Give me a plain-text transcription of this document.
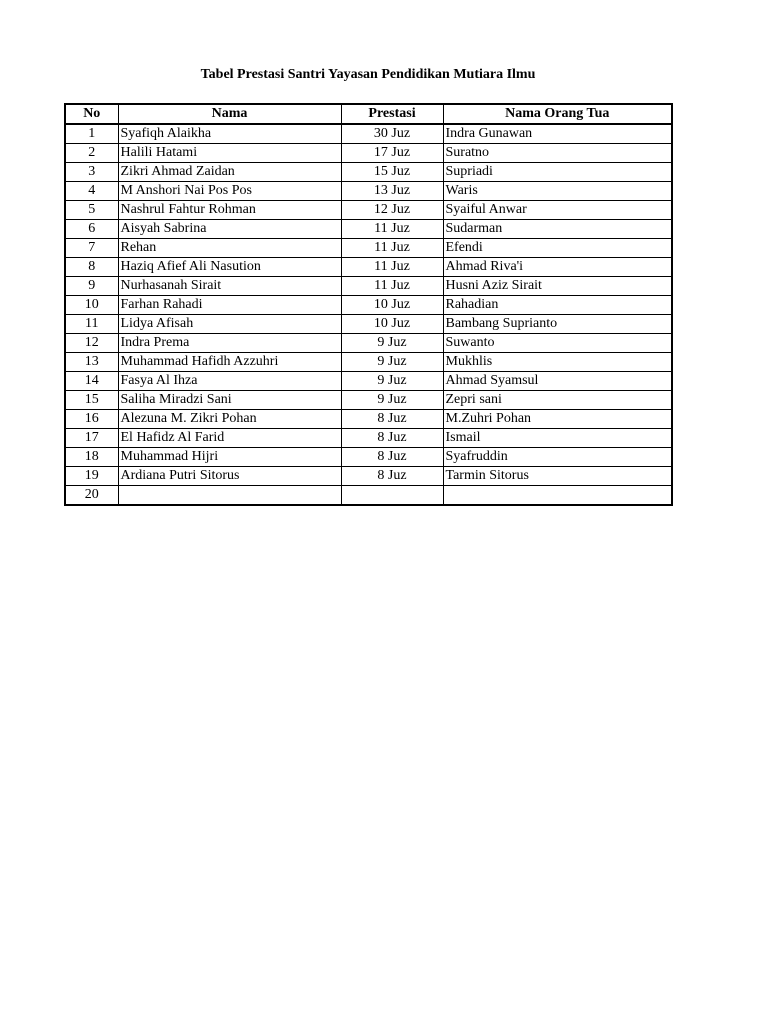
Tabel Prestasi Santri Yayasan Pendidikan Mutiara Ilmu
No	Nama	Prestasi	Nama Orang Tua
1	Syafiqh Alaikha	30 Juz	Indra Gunawan
2	Halili Hatami	17 Juz	Suratno
3	Zikri Ahmad Zaidan	15 Juz	Supriadi
4	M Anshori Nai Pos Pos	13 Juz	Waris
5	Nashrul Fahtur Rohman	12 Juz	Syaiful Anwar
6	Aisyah Sabrina	11 Juz	Sudarman
7	Rehan	11 Juz	Efendi
8	Haziq Afief Ali Nasution	11 Juz	Ahmad Riva'i
9	Nurhasanah Sirait	11 Juz	Husni Aziz Sirait
10	Farhan Rahadi	10 Juz	Rahadian
11	Lidya Afisah	10 Juz	Bambang Suprianto
12	Indra Prema	9 Juz	Suwanto
13	Muhammad Hafidh Azzuhri	9 Juz	Mukhlis
14	Fasya Al Ihza	9 Juz	Ahmad Syamsul
15	Saliha Miradzi Sani	9 Juz	Zepri sani
16	Alezuna M. Zikri Pohan	8 Juz	M.Zuhri Pohan
17	El Hafidz Al Farid	8 Juz	Ismail
18	Muhammad Hijri	8 Juz	Syafruddin
19	Ardiana Putri Sitorus	8 Juz	Tarmin Sitorus
20			
